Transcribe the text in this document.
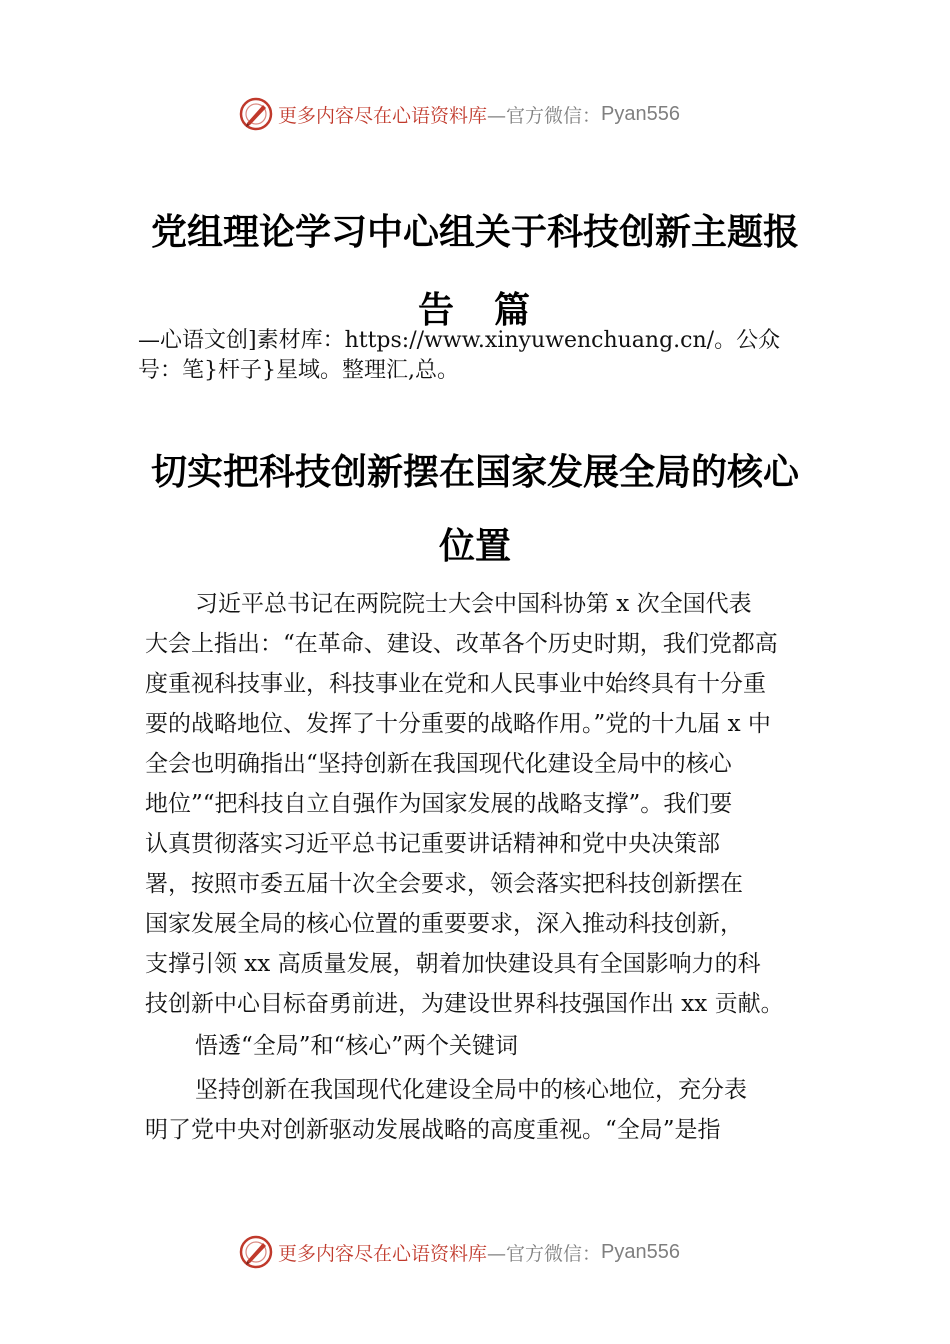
更多内容尽在心语资料库 —官方微信： Pyan556
党组理论学习中心组关于科技创新主题报
告 篇
—心语文创]素材库：https://www.xinyuwenchuang.cn/。公众
号：笔}杆子}星域。整理汇,总。
切实把科技创新摆在国家发展全局的核心
位置
习近平总书记在两院院士大会中国科协第 x 次全国代表
大会上指出：“在革命、建设、改革各个历史时期，我们党都高
度重视科技事业，科技事业在党和人民事业中始终具有十分重
要的战略地位、发挥了十分重要的战略作用。”党的十九届 x 中
全会也明确指出“坚持创新在我国现代化建设全局中的核心
地位”“把科技自立自强作为国家发展的战略支撑”。我们要
认真贯彻落实习近平总书记重要讲话精神和党中央决策部
署，按照市委五届十次全会要求，领会落实把科技创新摆在
国家发展全局的核心位置的重要要求，深入推动科技创新，
支撑引领 xx 高质量发展，朝着加快建设具有全国影响力的科
技创新中心目标奋勇前进，为建设世界科技强国作出 xx 贡献。
悟透“全局”和“核心”两个关键词
坚持创新在我国现代化建设全局中的核心地位，充分表
明了党中央对创新驱动发展战略的高度重视。“全局”是指
更多内容尽在心语资料库 —官方微信： Pyan556
